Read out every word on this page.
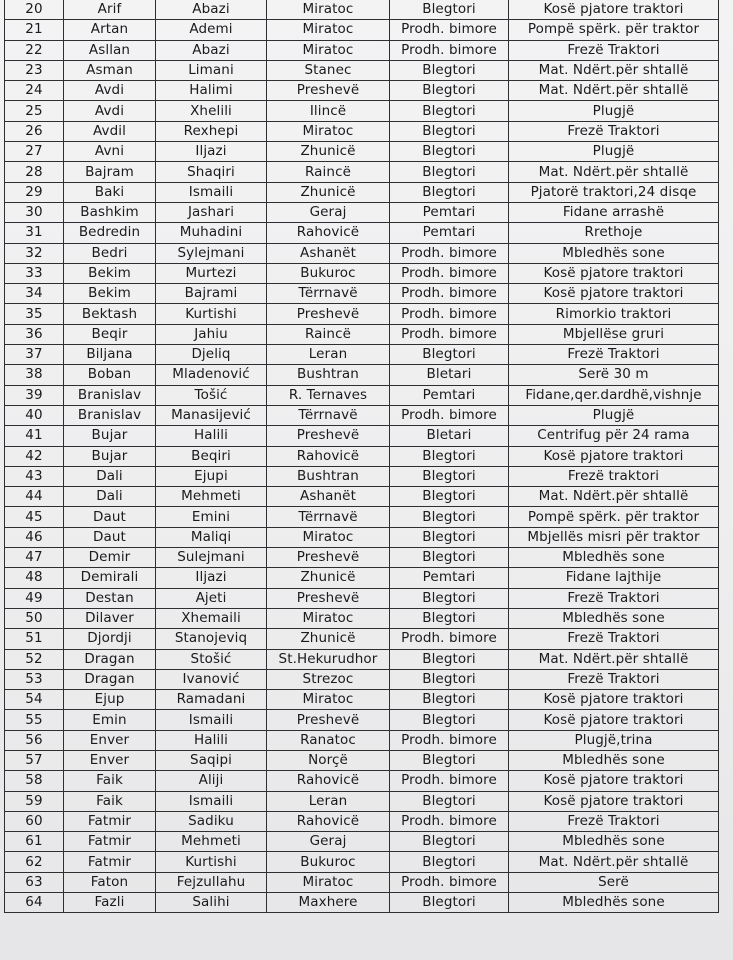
20	Arif	Abazi	Miratoc	Blegtori	Kosë pjatore traktori
21	Artan	Ademi	Miratoc	Prodh. bimore	Pompë spërk. për traktor
22	Asllan	Abazi	Miratoc	Prodh. bimore	Frezë Traktori
23	Asman	Limani	Stanec	Blegtori	Mat. Ndërt.për shtallë
24	Avdi	Halimi	Preshevë	Blegtori	Mat. Ndërt.për shtallë
25	Avdi	Xhelili	Ilincë	Blegtori	Plugjë
26	Avdil	Rexhepi	Miratoc	Blegtori	Frezë Traktori
27	Avni	Iljazi	Zhunicë	Blegtori	Plugjë
28	Bajram	Shaqiri	Raincë	Blegtori	Mat. Ndërt.për shtallë
29	Baki	Ismaili	Zhunicë	Blegtori	Pjatorë traktori,24 disqe
30	Bashkim	Jashari	Geraj	Pemtari	Fidane arrashë
31	Bedredin	Muhadini	Rahovicë	Pemtari	Rrethoje
32	Bedri	Sylejmani	Ashanët	Prodh. bimore	Mbledhës sone
33	Bekim	Murtezi	Bukuroc	Prodh. bimore	Kosë pjatore traktori
34	Bekim	Bajrami	Tërrnavë	Prodh. bimore	Kosë pjatore traktori
35	Bektash	Kurtishi	Preshevë	Prodh. bimore	Rimorkio traktori
36	Beqir	Jahiu	Raincë	Prodh. bimore	Mbjellëse gruri
37	Biljana	Djeliq	Leran	Blegtori	Frezë Traktori
38	Boban	Mladenović	Bushtran	Bletari	Serë 30 m
39	Branislav	Tošić	R. Ternaves	Pemtari	Fidane,qer.dardhë,vishnje
40	Branislav	Manasijević	Tërrnavë	Prodh. bimore	Plugjë
41	Bujar	Halili	Preshevë	Bletari	Centrifug për 24 rama
42	Bujar	Beqiri	Rahovicë	Blegtori	Kosë pjatore traktori
43	Dali	Ejupi	Bushtran	Blegtori	Frezë traktori
44	Dali	Mehmeti	Ashanët	Blegtori	Mat. Ndërt.për shtallë
45	Daut	Emini	Tërrnavë	Blegtori	Pompë spërk. për traktor
46	Daut	Maliqi	Miratoc	Blegtori	Mbjellës misri për traktor
47	Demir	Sulejmani	Preshevë	Blegtori	Mbledhës sone
48	Demirali	Iljazi	Zhunicë	Pemtari	Fidane lajthije
49	Destan	Ajeti	Preshevë	Blegtori	Frezë Traktori
50	Dilaver	Xhemaili	Miratoc	Blegtori	Mbledhës sone
51	Djordji	Stanojeviq	Zhunicë	Prodh. bimore	Frezë Traktori
52	Dragan	Stošić	St.Hekurudhor	Blegtori	Mat. Ndërt.për shtallë
53	Dragan	Ivanović	Strezoc	Blegtori	Frezë Traktori
54	Ejup	Ramadani	Miratoc	Blegtori	Kosë pjatore traktori
55	Emin	Ismaili	Preshevë	Blegtori	Kosë pjatore traktori
56	Enver	Halili	Ranatoc	Prodh. bimore	Plugjë,trina
57	Enver	Saqipi	Norçë	Blegtori	Mbledhës sone
58	Faik	Aliji	Rahovicë	Prodh. bimore	Kosë pjatore traktori
59	Faik	Ismaili	Leran	Blegtori	Kosë pjatore traktori
60	Fatmir	Sadiku	Rahovicë	Prodh. bimore	Frezë Traktori
61	Fatmir	Mehmeti	Geraj	Blegtori	Mbledhës sone
62	Fatmir	Kurtishi	Bukuroc	Blegtori	Mat. Ndërt.për shtallë
63	Faton	Fejzullahu	Miratoc	Prodh. bimore	Serë
64	Fazli	Salihi	Maxhere	Blegtori	Mbledhës sone
